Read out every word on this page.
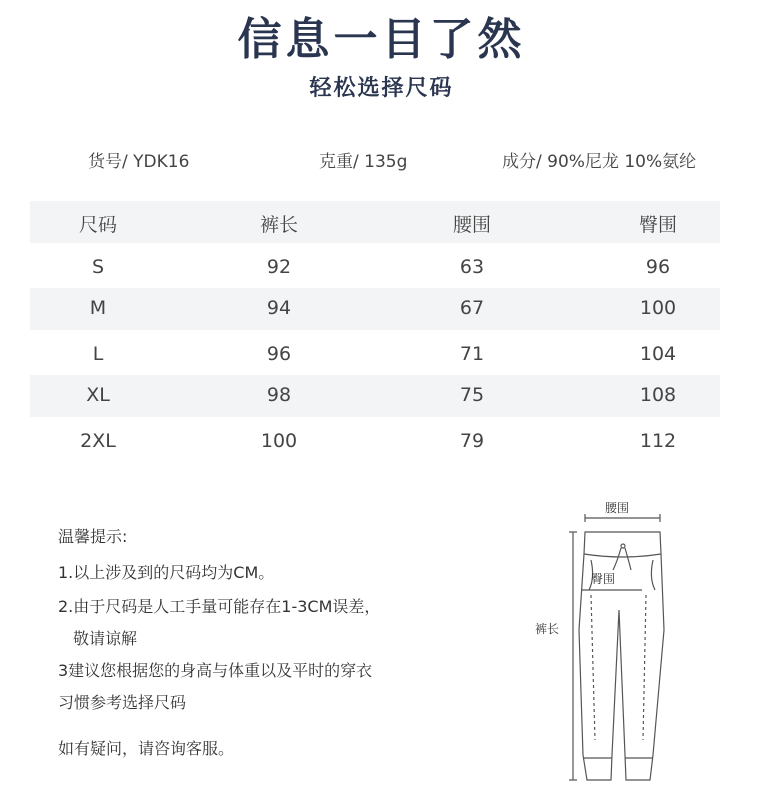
信息一目了然
轻松选择尺码
货号/ YDK16	克重/ 135g	成分/ 90%尼龙 10%氨纶
尺码	裤长	腰围	臀围
S	92	63	96
M	94	67	100
L	96	71	104
XL	98	75	108
2XL	100	79	112
温馨提示:
1.以上涉及到的尺码均为CM。
2.由于尺码是人工手量可能存在1-3CM误差，
敬请谅解
3建议您根据您的身高与体重以及平时的穿衣
习惯参考选择尺码
如有疑问，请咨询客服。
腰围
臀围
裤长
